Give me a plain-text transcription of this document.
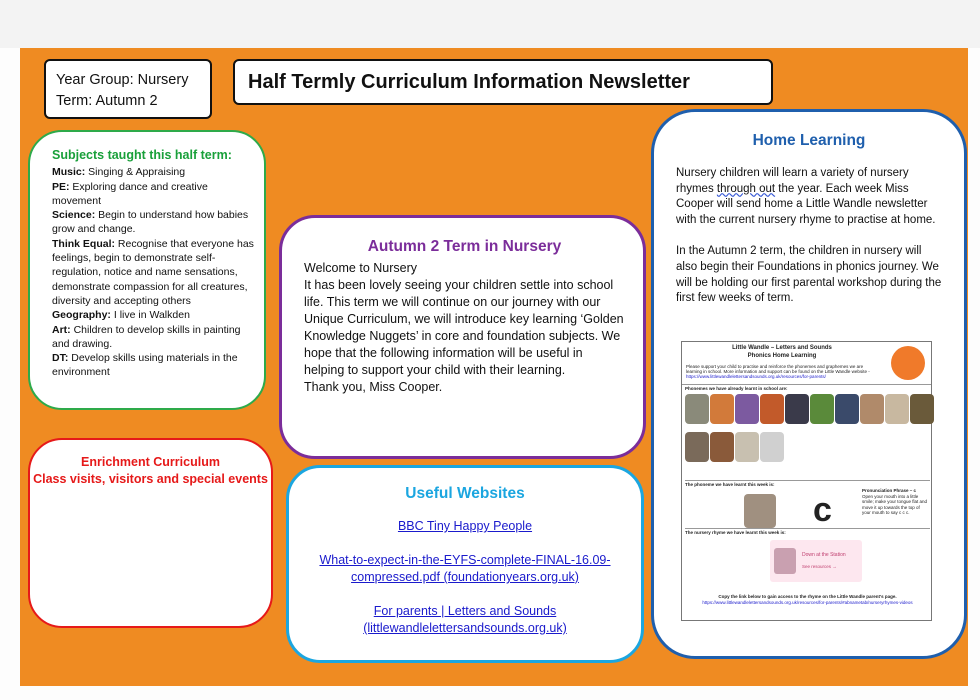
Year Group: Nursery
Term: Autumn 2
Half Termly Curriculum Information Newsletter
Subjects taught this half term:
Music: Singing & Appraising
PE: Exploring dance and creative movement
Science: Begin to understand how babies grow and change.
Think Equal: Recognise that everyone has feelings, begin to demonstrate self-regulation, notice and name sensations, demonstrate compassion for all creatures, diversity and accepting others
Geography: I live in Walkden
Art: Children to develop skills in painting and drawing.
DT: Develop skills using materials in the environment
Enrichment Curriculum
Class visits, visitors and special events
Autumn 2 Term in Nursery
Welcome to Nursery
It has been lovely seeing your children settle into school life. This term we will continue on our journey with our Unique Curriculum, we will introduce key learning ‘Golden Knowledge Nuggets’ in core and foundation subjects. We hope that the following information will be useful in helping to support your child with their learning.
Thank you, Miss Cooper.
Useful Websites
BBC Tiny Happy People
What-to-expect-in-the-EYFS-complete-FINAL-16.09-compressed.pdf (foundationyears.org.uk)
For parents | Letters and Sounds (littlewandlelettersandsounds.org.uk)
Home Learning

Nursery children will learn a variety of nursery rhymes through out the year. Each week Miss Cooper will send home a Little Wandle newsletter with the current nursery rhyme to practise at home.

In the Autumn 2 term, the children in nursery will also begin their Foundations in phonics journey. We will be holding our first parental workshop during the first few weeks of term.

Little Wandle – Letters and Sounds
Phonics Home Learning
Please support your child to practise and reinforce the phonemes and graphemes we are learning in school. More information and support can be found on the Little Wandle website - https://www.littlewandlelettersandsounds.org.uk/resources/for-parents/
Phonemes we have already learnt in school are:
The phoneme we have learnt this week is:
c
Pronunciation Phrase – c
Open your mouth into a little smile; make your tongue flat and move it up towards the top of your mouth to say c c c.
The nursery rhyme we have learnt this week is:
Down at the Station
See resources →
Copy the link below to gain access to the rhyme on the Little Wandle parent's page.
https://www.littlewandlelettersandsounds.org.uk/resources/for-parents/#abnametab/nurseryrhymes-videos
